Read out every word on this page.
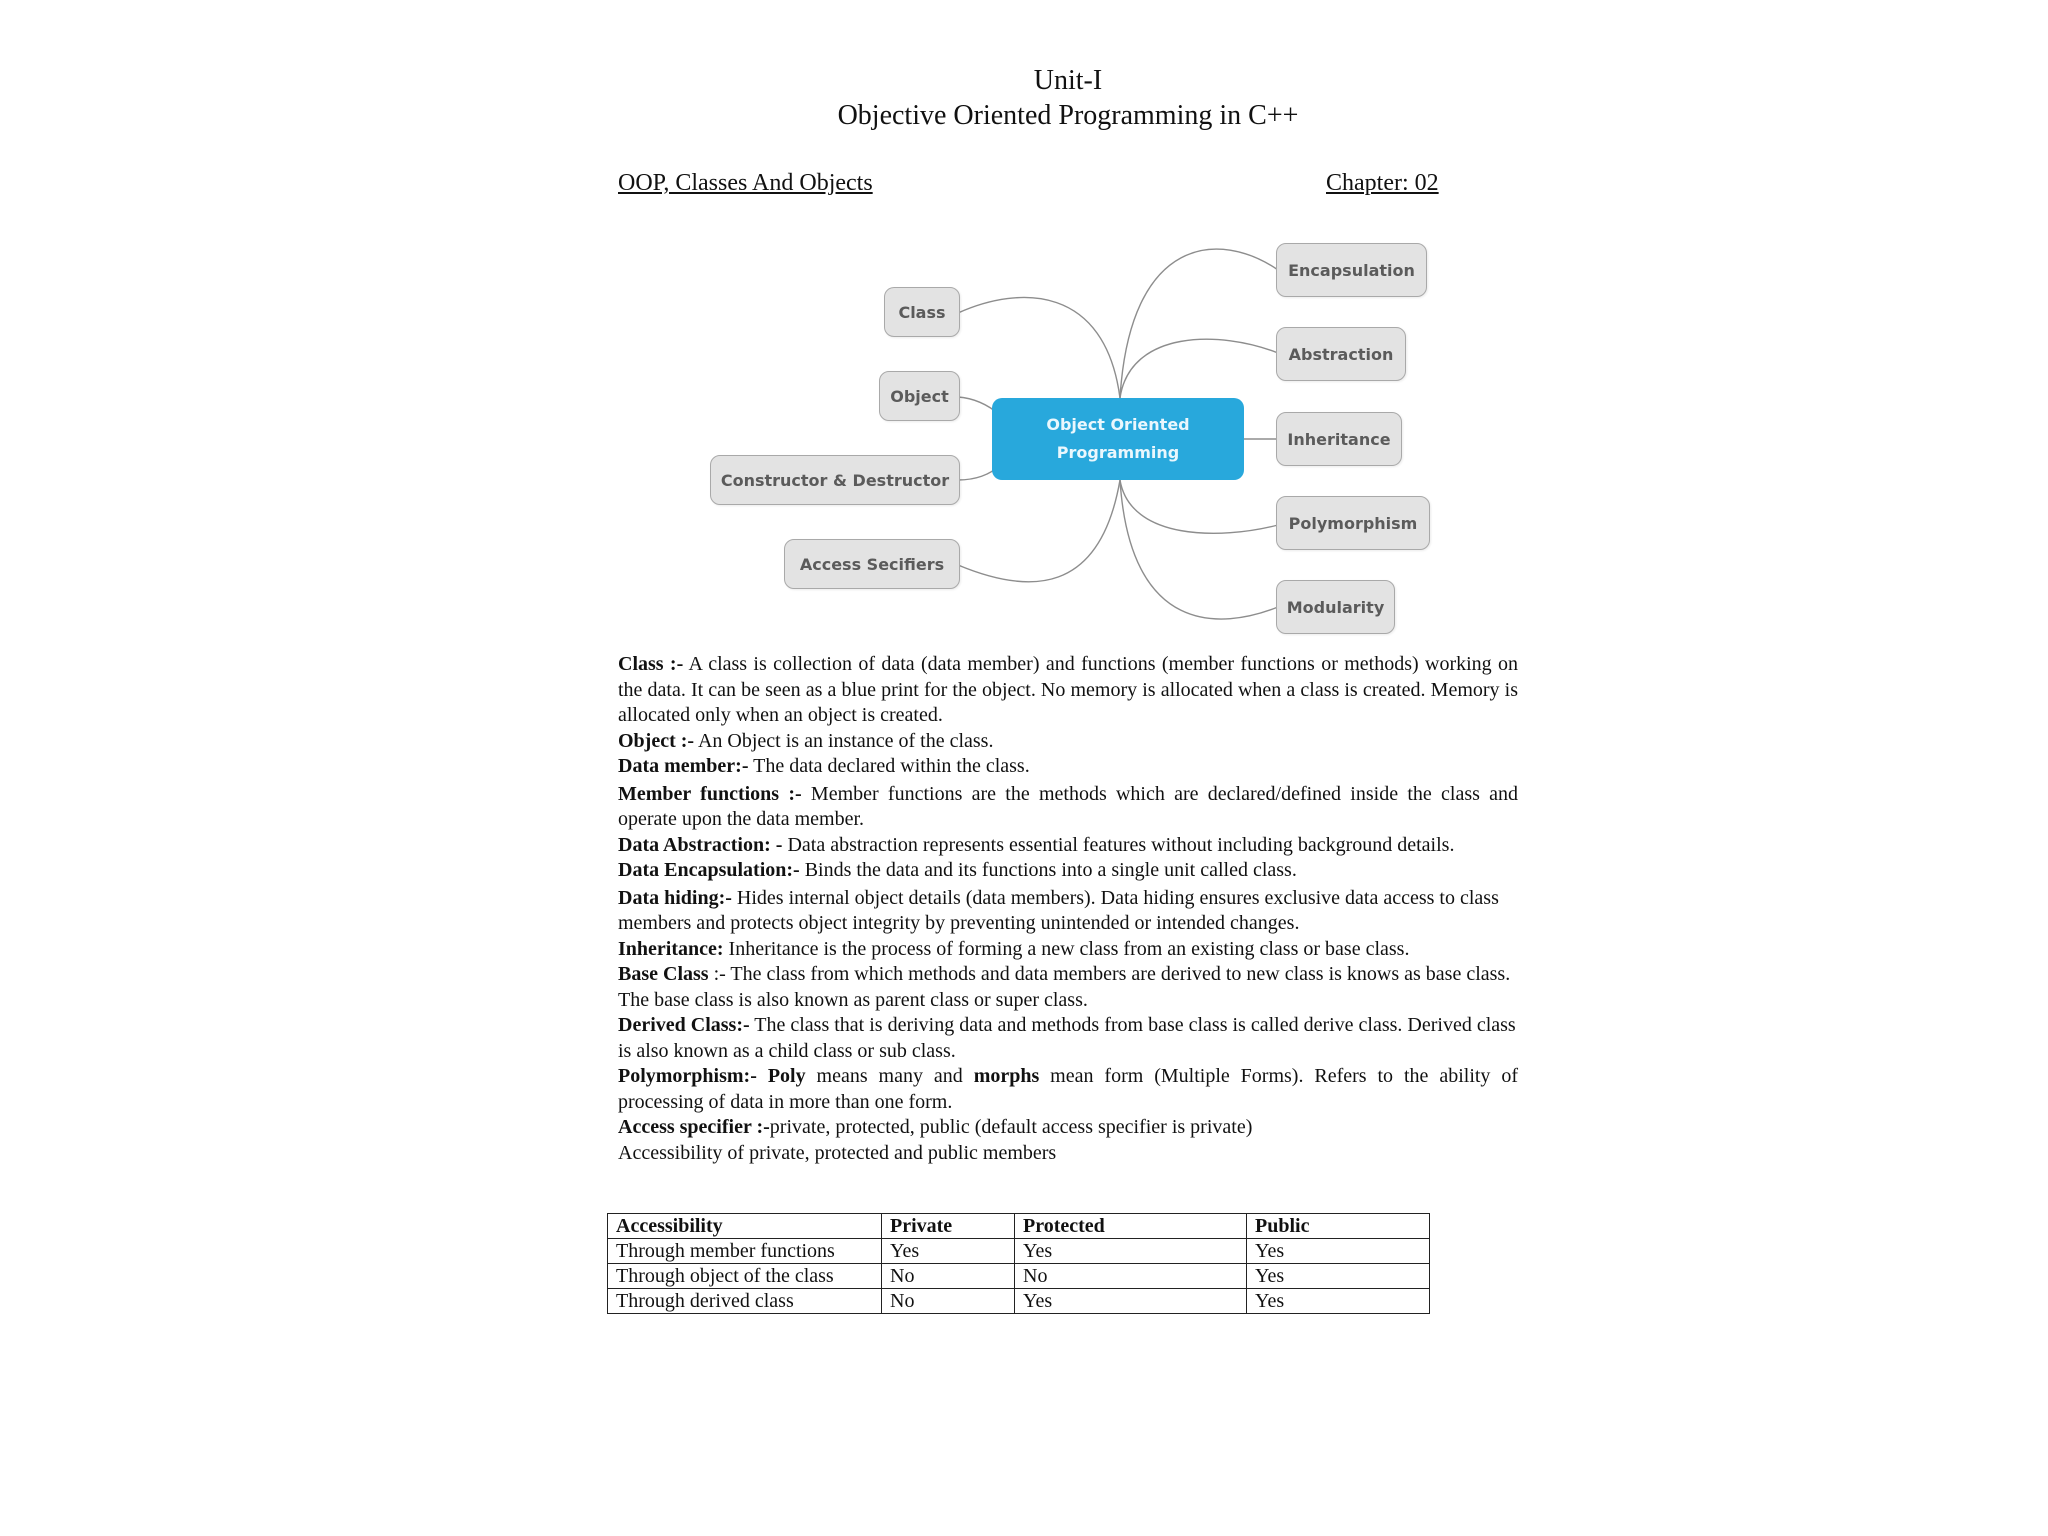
Unit-I
Objective Oriented Programming in C++
OOP, Classes And Objects	Chapter: 02
Object Oriented
Programming
Class
Object
Constructor & Destructor
Access Secifiers
Encapsulation
Abstraction
Inheritance
Polymorphism
Modularity

Class :- A class is collection of data (data member) and functions (member functions or methods) working on the data. It can be seen as a blue print for the object. No memory is allocated when a class is created. Memory is allocated only when an object is created.

Object :- An Object is an instance of the class.

Data member:- The data declared within the class.

Member functions :- Member functions are the methods which are declared/defined inside the class and operate upon the data member.

Data Abstraction: - Data abstraction represents essential features without including background details.

Data Encapsulation:- Binds the data and its functions into a single unit called class.

Data hiding:- Hides internal object details (data members). Data hiding ensures exclusive data access to class members and protects object integrity by preventing unintended or intended changes.

Inheritance: Inheritance is the process of forming a new class from an existing class or base class.

Base Class :- The class from which methods and data members are derived to new class is knows as base class. The base class is also known as parent class or super class.

Derived Class:- The class that is deriving data and methods from base class is called derive class. Derived class is also known as a child class or sub class.

Polymorphism:- Poly means many and morphs mean form (Multiple Forms). Refers to the ability of processing of data in more than one form.

Access specifier :-private, protected, public (default access specifier is private)

Accessibility of private, protected and public members

Accessibility	Private	Protected	Public
Through member functions	Yes	Yes	Yes
Through object of the class	No	No	Yes
Through derived class	No	Yes	Yes
